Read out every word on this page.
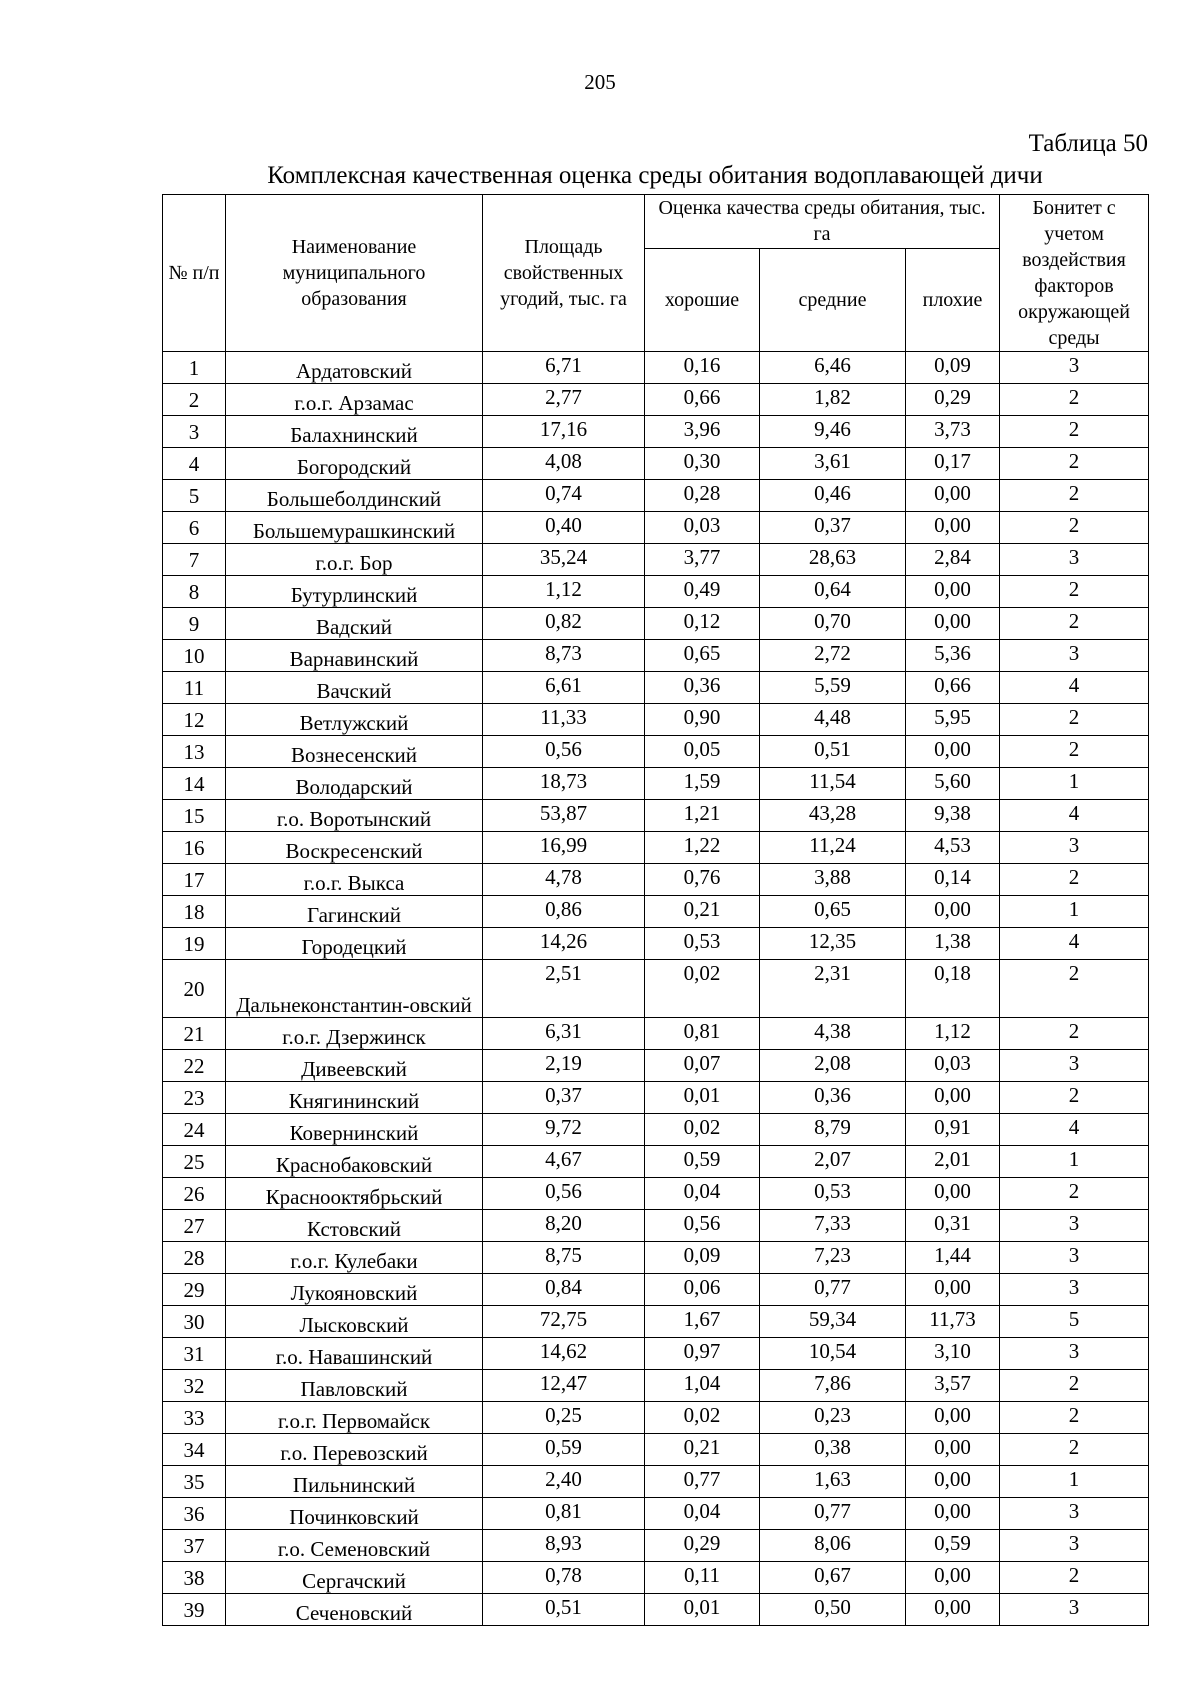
205
Таблица 50
Комплексная качественная оценка среды обитания водоплавающей дичи
№ п/п	Наименование муниципального образования	Площадь свойственных угодий, тыс. га	Оценка качества среды обитания, тыс. га			Бонитет с учетом воздействия факторов окружающей среды
			хорошие	средние	плохие	
1	Ардатовский	6,71	0,16	6,46	0,09	3
2	г.о.г. Арзамас	2,77	0,66	1,82	0,29	2
3	Балахнинский	17,16	3,96	9,46	3,73	2
4	Богородский	4,08	0,30	3,61	0,17	2
5	Большеболдинский	0,74	0,28	0,46	0,00	2
6	Большемурашкинский	0,40	0,03	0,37	0,00	2
7	г.о.г. Бор	35,24	3,77	28,63	2,84	3
8	Бутурлинский	1,12	0,49	0,64	0,00	2
9	Вадский	0,82	0,12	0,70	0,00	2
10	Варнавинский	8,73	0,65	2,72	5,36	3
11	Вачский	6,61	0,36	5,59	0,66	4
12	Ветлужский	11,33	0,90	4,48	5,95	2
13	Вознесенский	0,56	0,05	0,51	0,00	2
14	Володарский	18,73	1,59	11,54	5,60	1
15	г.о. Воротынский	53,87	1,21	43,28	9,38	4
16	Воскресенский	16,99	1,22	11,24	4,53	3
17	г.о.г. Выкса	4,78	0,76	3,88	0,14	2
18	Гагинский	0,86	0,21	0,65	0,00	1
19	Городецкий	14,26	0,53	12,35	1,38	4
20	Дальнеконстантин-овский	2,51	0,02	2,31	0,18	2
21	г.о.г. Дзержинск	6,31	0,81	4,38	1,12	2
22	Дивеевский	2,19	0,07	2,08	0,03	3
23	Княгининский	0,37	0,01	0,36	0,00	2
24	Ковернинский	9,72	0,02	8,79	0,91	4
25	Краснобаковский	4,67	0,59	2,07	2,01	1
26	Краснооктябрьский	0,56	0,04	0,53	0,00	2
27	Кстовский	8,20	0,56	7,33	0,31	3
28	г.о.г. Кулебаки	8,75	0,09	7,23	1,44	3
29	Лукояновский	0,84	0,06	0,77	0,00	3
30	Лысковский	72,75	1,67	59,34	11,73	5
31	г.о. Навашинский	14,62	0,97	10,54	3,10	3
32	Павловский	12,47	1,04	7,86	3,57	2
33	г.о.г. Первомайск	0,25	0,02	0,23	0,00	2
34	г.о. Перевозский	0,59	0,21	0,38	0,00	2
35	Пильнинский	2,40	0,77	1,63	0,00	1
36	Починковский	0,81	0,04	0,77	0,00	3
37	г.о. Семеновский	8,93	0,29	8,06	0,59	3
38	Сергачский	0,78	0,11	0,67	0,00	2
39	Сеченовский	0,51	0,01	0,50	0,00	3
